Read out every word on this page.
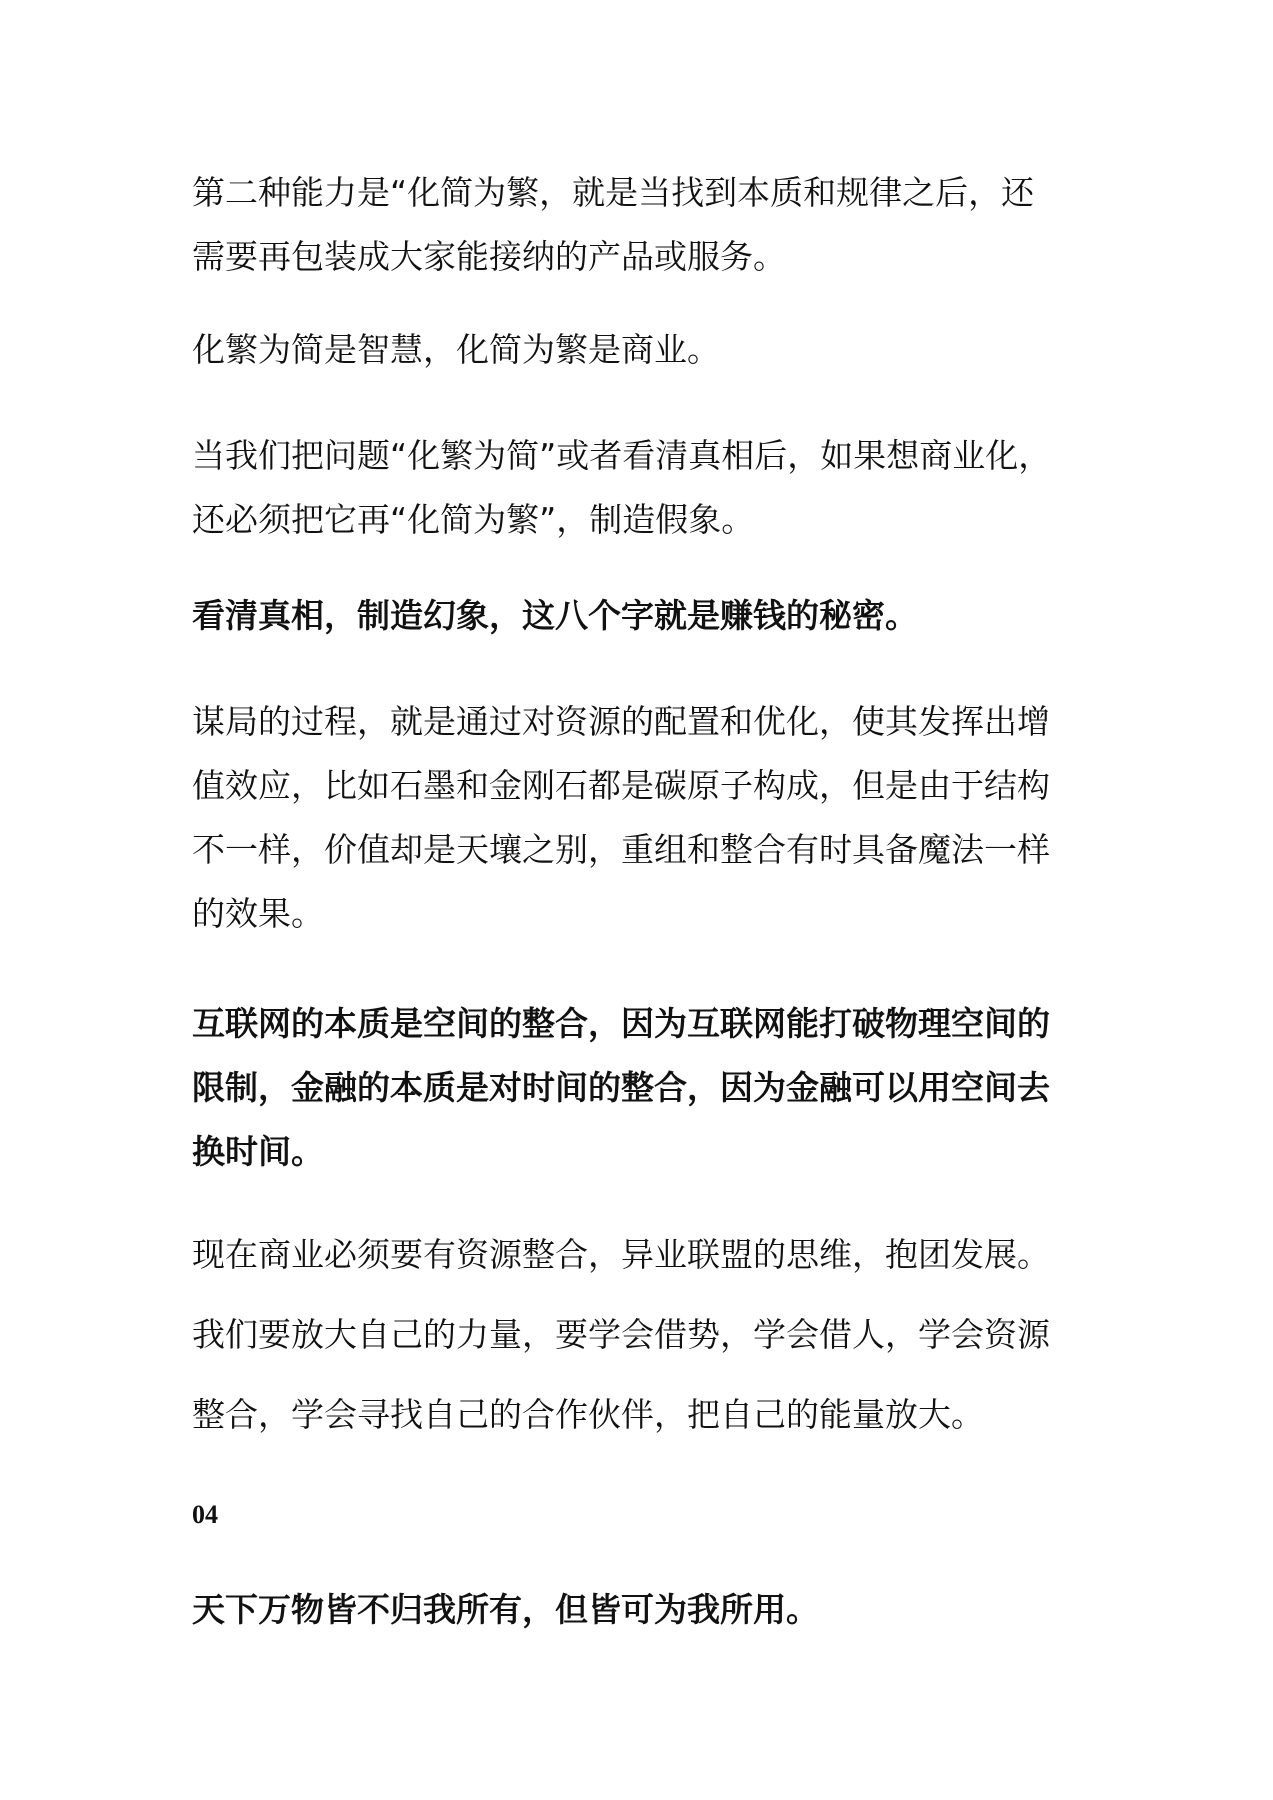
第二种能力是“化简为繁，就是当找到本质和规律之后，还
需要再包装成大家能接纳的产品或服务。

化繁为简是智慧，化简为繁是商业。

当我们把问题“化繁为简”或者看清真相后，如果想商业化，
还必须把它再“化简为繁”，制造假象。

看清真相，制造幻象，这八个字就是赚钱的秘密。

谋局的过程，就是通过对资源的配置和优化，使其发挥出增
值效应，比如石墨和金刚石都是碳原子构成，但是由于结构
不一样，价值却是天壤之别，重组和整合有时具备魔法一样
的效果。

互联网的本质是空间的整合，因为互联网能打破物理空间的
限制，金融的本质是对时间的整合，因为金融可以用空间去
换时间。

现在商业必须要有资源整合，异业联盟的思维，抱团发展。

我们要放大自己的力量，要学会借势，学会借人，学会资源

整合，学会寻找自己的合作伙伴，把自己的能量放大。

04

天下万物皆不归我所有，但皆可为我所用。
